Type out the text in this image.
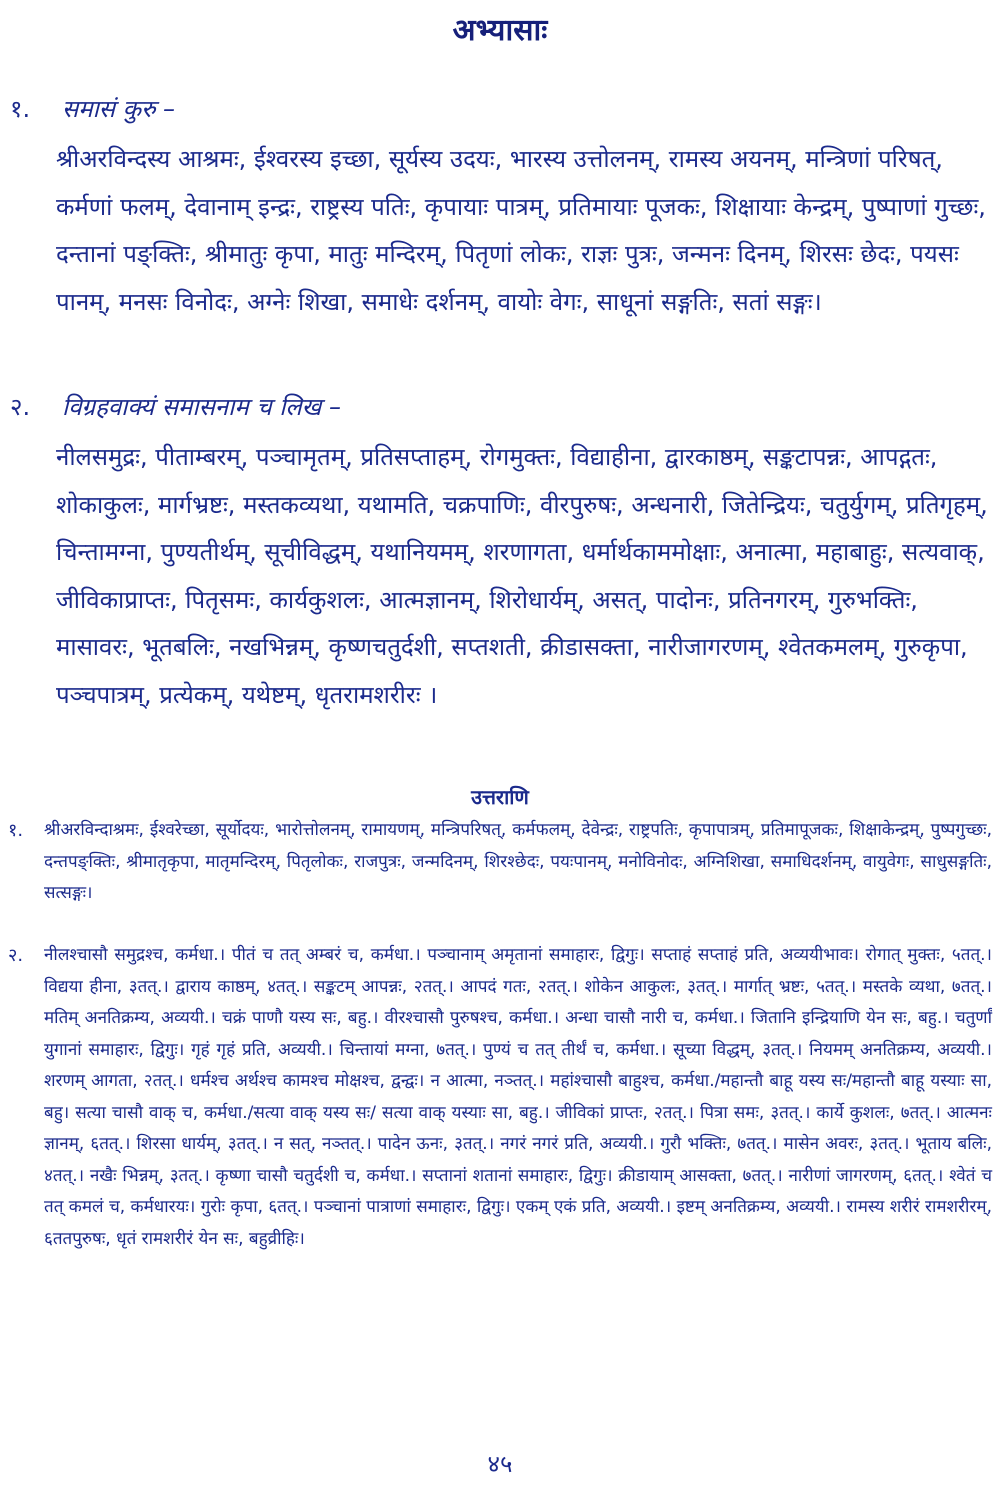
अभ्यासाः
१. समासं कुरु –
श्रीअरविन्दस्य आश्रमः, ईश्वरस्य इच्छा, सूर्यस्य उदयः, भारस्य उत्तोलनम्, रामस्य अयनम्, मन्त्रिणां परिषत्, कर्मणां फलम्, देवानाम् इन्द्रः, राष्ट्रस्य पतिः, कृपायाः पात्रम्, प्रतिमायाः पूजकः, शिक्षायाः केन्द्रम्, पुष्पाणां गुच्छः, दन्तानां पङ्क्तिः, श्रीमातुः कृपा, मातुः मन्दिरम्, पितृणां लोकः, राज्ञः पुत्रः, जन्मनः दिनम्, शिरसः छेदः, पयसः पानम्, मनसः विनोदः, अग्नेः शिखा, समाधेः दर्शनम्, वायोः वेगः, साधूनां सङ्गतिः, सतां सङ्गः।
२. विग्रहवाक्यं समासनाम च लिख –
नीलसमुद्रः, पीताम्बरम्, पञ्चामृतम्, प्रतिसप्ताहम्, रोगमुक्तः, विद्याहीना, द्वारकाष्ठम्, सङ्कटापन्नः, आपद्गतः, शोकाकुलः, मार्गभ्रष्टः, मस्तकव्यथा, यथामति, चक्रपाणिः, वीरपुरुषः, अन्धनारी, जितेन्द्रियः, चतुर्युगम्, प्रतिगृहम्, चिन्तामग्ना, पुण्यतीर्थम्, सूचीविद्धम्, यथानियमम्, शरणागता, धर्मार्थकाममोक्षाः, अनात्मा, महाबाहुः, सत्यवाक्, जीविकाप्राप्तः, पितृसमः, कार्यकुशलः, आत्मज्ञानम्, शिरोधार्यम्, असत्, पादोनः, प्रतिनगरम्, गुरुभक्तिः, मासावरः, भूतबलिः, नखभिन्नम्, कृष्णचतुर्दशी, सप्तशती, क्रीडासक्ता, नारीजागरणम्, श्वेतकमलम्, गुरुकृपा, पञ्चपात्रम्, प्रत्येकम्, यथेष्टम्, धृतरामशरीरः ।
उत्तराणि
१. श्रीअरविन्दाश्रमः, ईश्वरेच्छा, सूर्योदयः, भारोत्तोलनम्, रामायणम्, मन्त्रिपरिषत्, कर्मफलम्, देवेन्द्रः, राष्ट्रपतिः, कृपापात्रम्, प्रतिमापूजकः, शिक्षाकेन्द्रम्, पुष्पगुच्छः, दन्तपङ्क्तिः, श्रीमातृकृपा, मातृमन्दिरम्, पितृलोकः, राजपुत्रः, जन्मदिनम्, शिरश्छेदः, पयःपानम्, मनोविनोदः, अग्निशिखा, समाधिदर्शनम्, वायुवेगः, साधुसङ्गतिः, सत्सङ्गः।
२. नीलश्चासौ समुद्रश्च, कर्मधा.। पीतं च तत् अम्बरं च, कर्मधा.। पञ्चानाम् अमृतानां समाहारः, द्विगुः। सप्ताहं सप्ताहं प्रति, अव्ययीभावः। रोगात् मुक्तः, ५तत्.। विद्यया हीना, ३तत्.। द्वाराय काष्ठम्, ४तत्.। सङ्कटम् आपन्नः, २तत्.। आपदं गतः, २तत्.। शोकेन आकुलः, ३तत्.। मार्गात् भ्रष्टः, ५तत्.। मस्तके व्यथा, ७तत्.। मतिम् अनतिक्रम्य, अव्ययी.। चक्रं पाणौ यस्य सः, बहु.। वीरश्चासौ पुरुषश्च, कर्मधा.। अन्धा चासौ नारी च, कर्मधा.। जितानि इन्द्रियाणि येन सः, बहु.। चतुर्णां युगानां समाहारः, द्विगुः। गृहं गृहं प्रति, अव्ययी.। चिन्तायां मग्ना, ७तत्.। पुण्यं च तत् तीर्थं च, कर्मधा.। सूच्या विद्धम्, ३तत्.। नियमम् अनतिक्रम्य, अव्ययी.। शरणम् आगता, २तत्.। धर्मश्च अर्थश्च कामश्च मोक्षश्च, द्वन्द्वः। न आत्मा, नञ्तत्.। महांश्चासौ बाहुश्च, कर्मधा./महान्तौ बाहू यस्य सः/महान्तौ बाहू यस्याः सा, बहु। सत्या चासौ वाक् च, कर्मधा./सत्या वाक् यस्य सः/ सत्या वाक् यस्याः सा, बहु.। जीविकां प्राप्तः, २तत्.। पित्रा समः, ३तत्.। कार्ये कुशलः, ७तत्.। आत्मनः ज्ञानम्, ६तत्.। शिरसा धार्यम्, ३तत्.। न सत्, नञ्तत्.। पादेन ऊनः, ३तत्.। नगरं नगरं प्रति, अव्ययी.। गुरौ भक्तिः, ७तत्.। मासेन अवरः, ३तत्.। भूताय बलिः, ४तत्.। नखैः भिन्नम्, ३तत्.। कृष्णा चासौ चतुर्दशी च, कर्मधा.। सप्तानां शतानां समाहारः, द्विगुः। क्रीडायाम् आसक्ता, ७तत्.। नारीणां जागरणम्, ६तत्.। श्वेतं च तत् कमलं च, कर्मधारयः। गुरोः कृपा, ६तत्.। पञ्चानां पात्राणां समाहारः, द्विगुः। एकम् एकं प्रति, अव्ययी.। इष्टम् अनतिक्रम्य, अव्ययी.। रामस्य शरीरं रामशरीरम्, ६ततपुरुषः, धृतं रामशरीरं येन सः, बहुव्रीहिः।
४५
